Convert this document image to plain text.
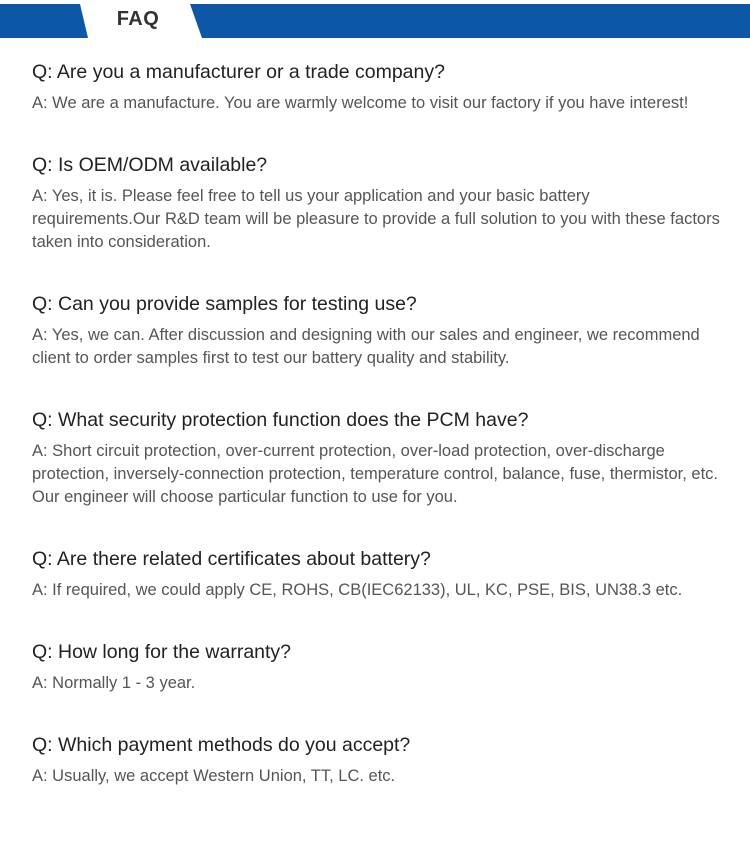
FAQ

Q: Are you a manufacturer or a trade company?

A: We are a manufacture. You are warmly welcome to visit our factory if you have interest!

Q: Is OEM/ODM available?

A: Yes, it is. Please feel free to tell us your application and your basic battery requirements.Our R&D team will be pleasure to provide a full solution to you with these factors taken into consideration.

Q: Can you provide samples for testing use?

A: Yes, we can. After discussion and designing with our sales and engineer, we recommend client to order samples first to test our battery quality and stability.

Q: What security protection function does the PCM have?

A: Short circuit protection, over-current protection, over-load protection, over-discharge protection, inversely-connection protection, temperature control, balance, fuse, thermistor, etc. Our engineer will choose particular function to use for you.

Q: Are there related certificates about battery?

A: If required, we could apply CE, ROHS, CB(IEC62133), UL, KC, PSE, BIS, UN38.3 etc.

Q: How long for the warranty?

A: Normally 1 - 3 year.

Q: Which payment methods do you accept?

A: Usually, we accept Western Union, TT, LC. etc.
